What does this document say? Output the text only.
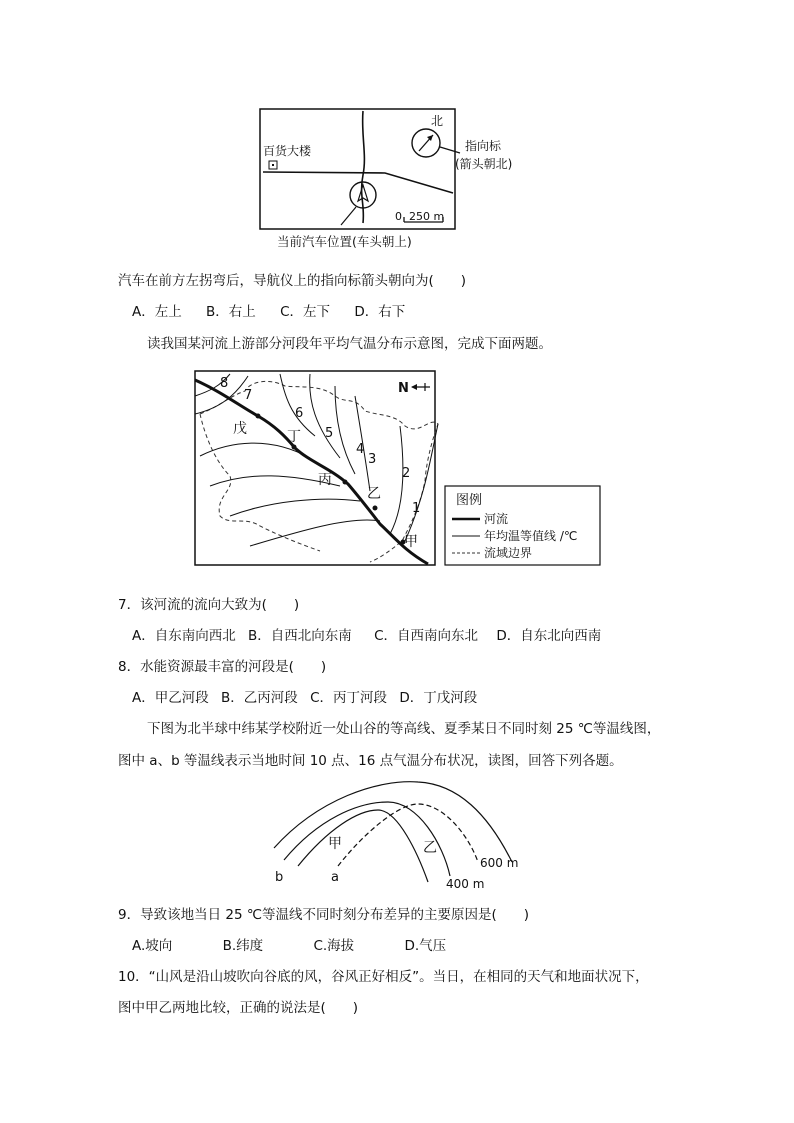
百货大楼
北
指向标
(箭头朝北)
0 250 m
当前汽车位置(车头朝上)
汽车在前方左拐弯后，导航仪上的指向标箭头朝向为(　　)
A．左上 B．右上 C．左下 D．右下
读我国某河流上游部分河段年平均气温分布示意图，完成下面两题。
戊	丁
丙
乙
甲
8
7
6
5
4
3
2
1
N
图例
河流
年均温等值线 /℃
流域边界
7．该河流的流向大致为(　　)
A．自东南向西北 B．自西北向东南 C．自西南向东北 D．自东北向西南
8．水能资源最丰富的河段是(　　)
A．甲乙河段 B．乙丙河段 C．丙丁河段 D．丁戊河段
下图为北半球中纬某学校附近一处山谷的等高线、夏季某日不同时刻 25 ℃等温线图，
图中 a、b 等温线表示当地时间 10 点、16 点气温分布状况，读图，回答下列各题。
甲	乙
b	a
600 m
400 m
9．导致该地当日 25 ℃等温线不同时刻分布差异的主要原因是(　　)
A.坡向	B.纬度	C.海拔	D.气压
10．“山风是沿山坡吹向谷底的风，谷风正好相反”。当日，在相同的天气和地面状况下，
图中甲乙两地比较，正确的说法是(　　)
